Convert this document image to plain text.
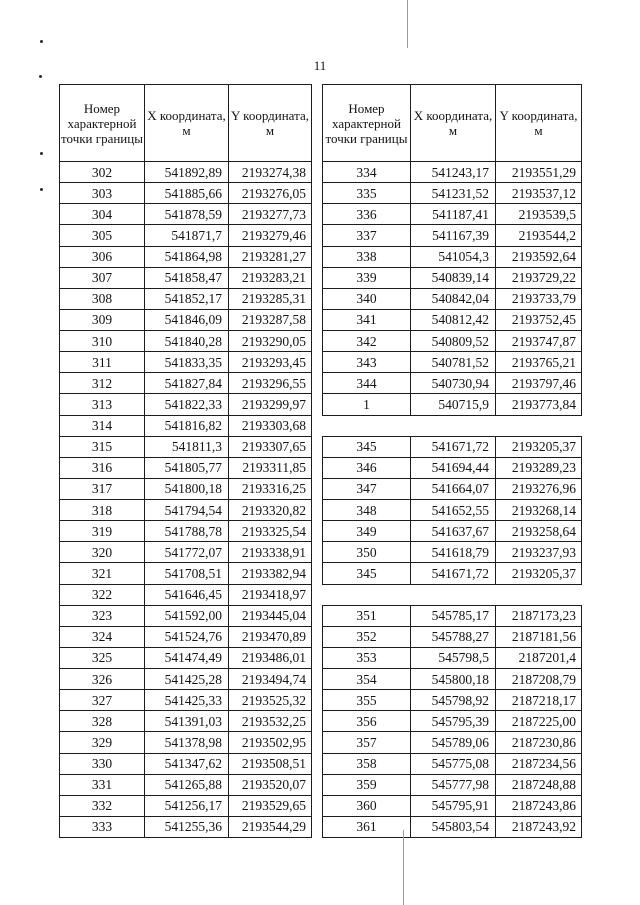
11
Номер характерной точки границы	X координата, м	Y координата, м
302	541892,89	2193274,38
303	541885,66	2193276,05
304	541878,59	2193277,73
305	541871,7	2193279,46
306	541864,98	2193281,27
307	541858,47	2193283,21
308	541852,17	2193285,31
309	541846,09	2193287,58
310	541840,28	2193290,05
311	541833,35	2193293,45
312	541827,84	2193296,55
313	541822,33	2193299,97
314	541816,82	2193303,68
315	541811,3	2193307,65
316	541805,77	2193311,85
317	541800,18	2193316,25
318	541794,54	2193320,82
319	541788,78	2193325,54
320	541772,07	2193338,91
321	541708,51	2193382,94
322	541646,45	2193418,97
323	541592,00	2193445,04
324	541524,76	2193470,89
325	541474,49	2193486,01
326	541425,28	2193494,74
327	541425,33	2193525,32
328	541391,03	2193532,25
329	541378,98	2193502,95
330	541347,62	2193508,51
331	541265,88	2193520,07
332	541256,17	2193529,65
333	541255,36	2193544,29
Номер характерной точки границы	X координата, м	Y координата, м
334	541243,17	2193551,29
335	541231,52	2193537,12
336	541187,41	2193539,5
337	541167,39	2193544,2
338	541054,3	2193592,64
339	540839,14	2193729,22
340	540842,04	2193733,79
341	540812,42	2193752,45
342	540809,52	2193747,87
343	540781,52	2193765,21
344	540730,94	2193797,46
1	540715,9	2193773,84

345	541671,72	2193205,37
346	541694,44	2193289,23
347	541664,07	2193276,96
348	541652,55	2193268,14
349	541637,67	2193258,64
350	541618,79	2193237,93
345	541671,72	2193205,37

351	545785,17	2187173,23
352	545788,27	2187181,56
353	545798,5	2187201,4
354	545800,18	2187208,79
355	545798,92	2187218,17
356	545795,39	2187225,00
357	545789,06	2187230,86
358	545775,08	2187234,56
359	545777,98	2187248,88
360	545795,91	2187243,86
361	545803,54	2187243,92
